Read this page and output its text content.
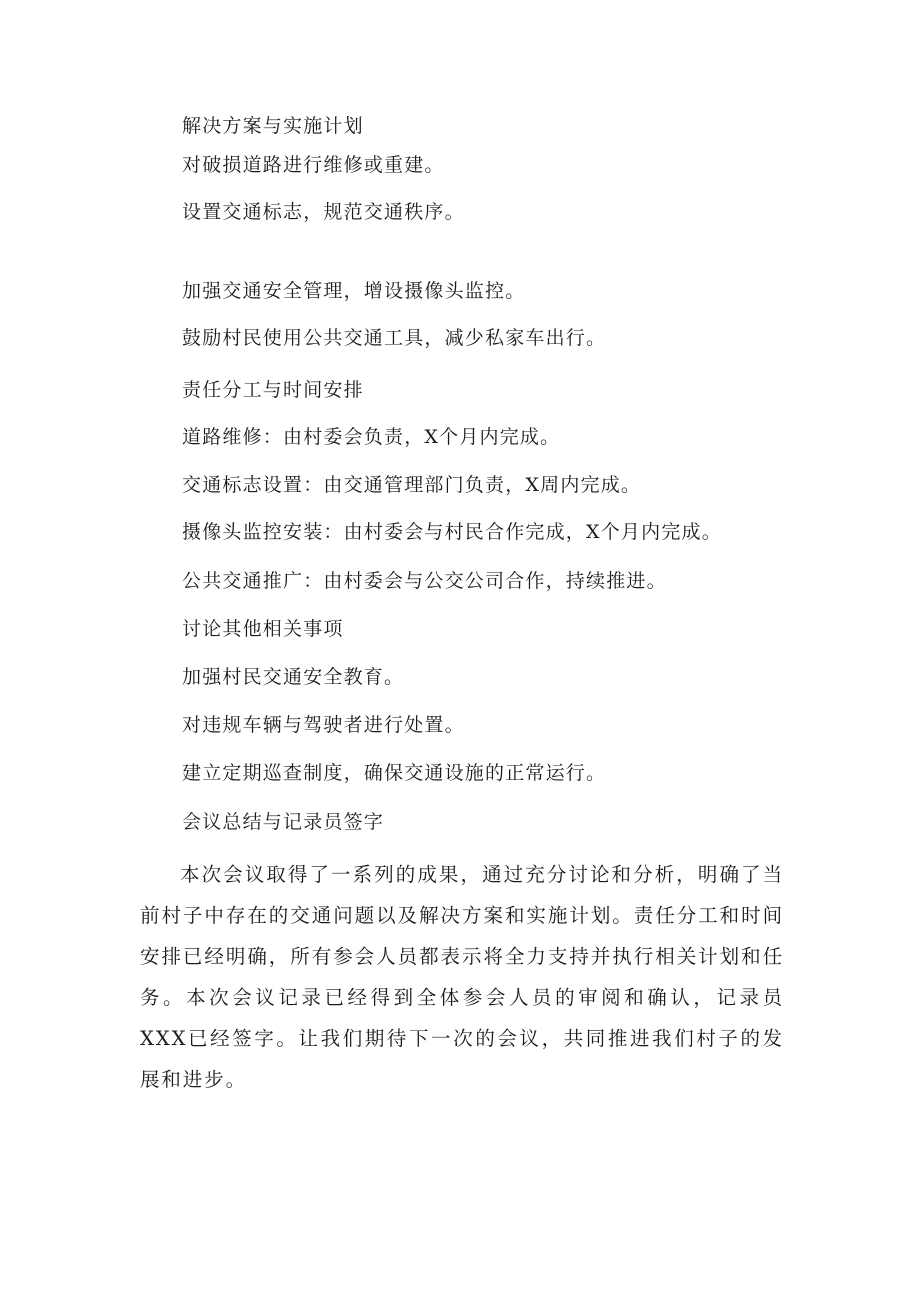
解决方案与实施计划
对破损道路进行维修或重建。
设置交通标志，规范交通秩序。
加强交通安全管理，增设摄像头监控。
鼓励村民使用公共交通工具，减少私家车出行。
责任分工与时间安排
道路维修：由村委会负责，X个月内完成。
交通标志设置：由交通管理部门负责，X周内完成。
摄像头监控安装：由村委会与村民合作完成，X个月内完成。
公共交通推广：由村委会与公交公司合作，持续推进。
讨论其他相关事项
加强村民交通安全教育。
对违规车辆与驾驶者进行处置。
建立定期巡查制度，确保交通设施的正常运行。
会议总结与记录员签字
本次会议取得了一系列的成果，通过充分讨论和分析，明确了当前村子中存在的交通问题以及解决方案和实施计划。责任分工和时间安排已经明确，所有参会人员都表示将全力支持并执行相关计划和任务。本次会议记录已经得到全体参会人员的审阅和确认，记录员XXX已经签字。让我们期待下一次的会议，共同推进我们村子的发展和进步。
